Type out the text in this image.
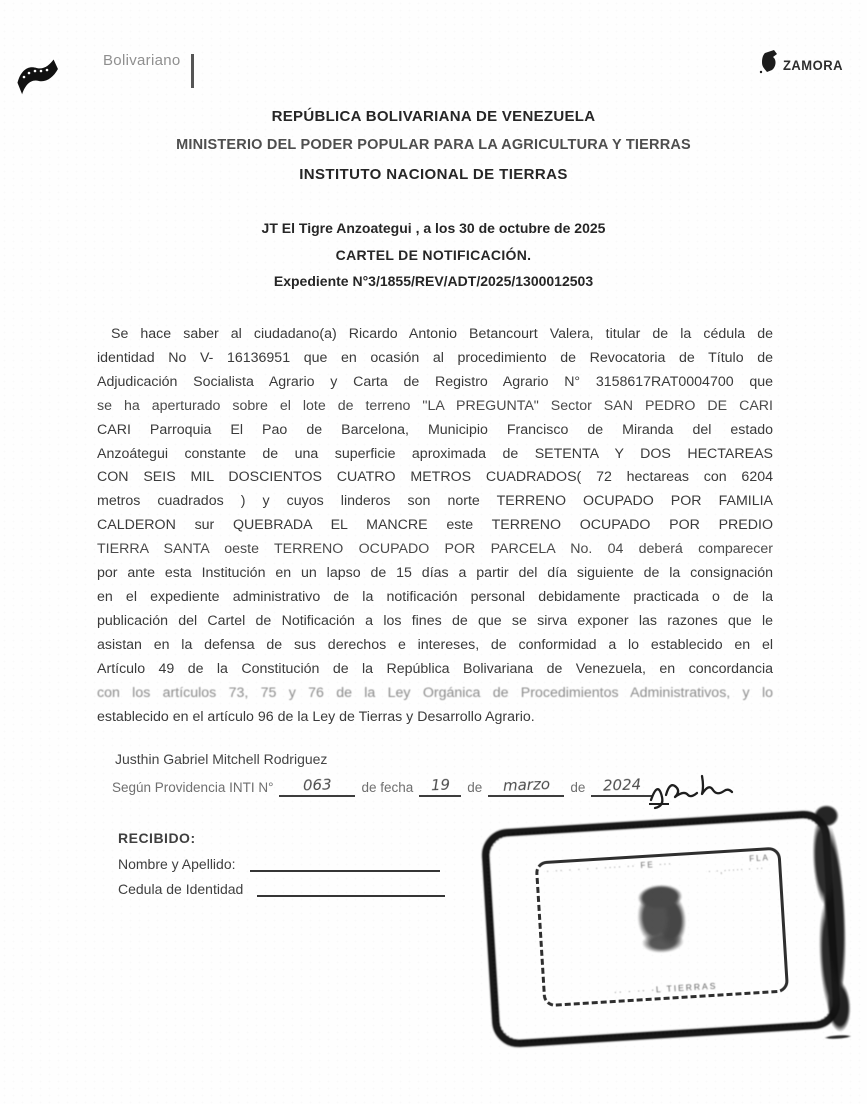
Bolivariano	ZAMORA
REPÚBLICA BOLIVARIANA DE VENEZUELA
MINISTERIO DEL PODER POPULAR PARA LA AGRICULTURA Y TIERRAS
INSTITUTO NACIONAL DE TIERRAS
JT El Tigre Anzoategui , a los 30 de octubre de 2025
CARTEL DE NOTIFICACIÓN.
Expediente N°3/1855/REV/ADT/2025/1300012503
Se hace saber al ciudadano(a) Ricardo Antonio Betancourt Valera, titular de la cédula de
identidad No V- 16136951 que en ocasión al procedimiento de Revocatoria de Título de
Adjudicación Socialista Agrario y Carta de Registro Agrario N° 3158617RAT0004700 que
se ha aperturado sobre el lote de terreno "LA PREGUNTA" Sector SAN PEDRO DE CARI
CARI Parroquia El Pao de Barcelona, Municipio Francisco de Miranda del estado
Anzoátegui constante de una superficie aproximada de SETENTA Y DOS HECTAREAS
CON SEIS MIL DOSCIENTOS CUATRO METROS CUADRADOS( 72 hectareas con 6204
metros cuadrados ) y cuyos linderos son norte TERRENO OCUPADO POR FAMILIA
CALDERON sur QUEBRADA EL MANCRE este TERRENO OCUPADO POR PREDIO
TIERRA SANTA oeste TERRENO OCUPADO POR PARCELA No. 04 deberá comparecer
por ante esta Institución en un lapso de 15 días a partir del día siguiente de la consignación
en el expediente administrativo de la notificación personal debidamente practicada o de la
publicación del Cartel de Notificación a los fines de que se sirva exponer las razones que le
asistan en la defensa de sus derechos e intereses, de conformidad a lo establecido en el
Artículo 49 de la Constitución de la República Bolivariana de Venezuela, en concordancia
con los artículos 73, 75 y 76 de la Ley Orgánica de Procedimientos Administrativos, y lo
establecido en el artículo 96 de la Ley de Tierras y Desarrollo Agrario.
Justhin Gabriel Mitchell Rodriguez
Según Providencia INTI N° 063 de fecha 19 de marzo de 2024
RECIBIDO:
Nombre y Apellido:
Cedula de Identidad
· ·· · · · · ···· ·· FE ···
FLA
· ·,····· · ··
·· · ·· ·L TIERRAS
